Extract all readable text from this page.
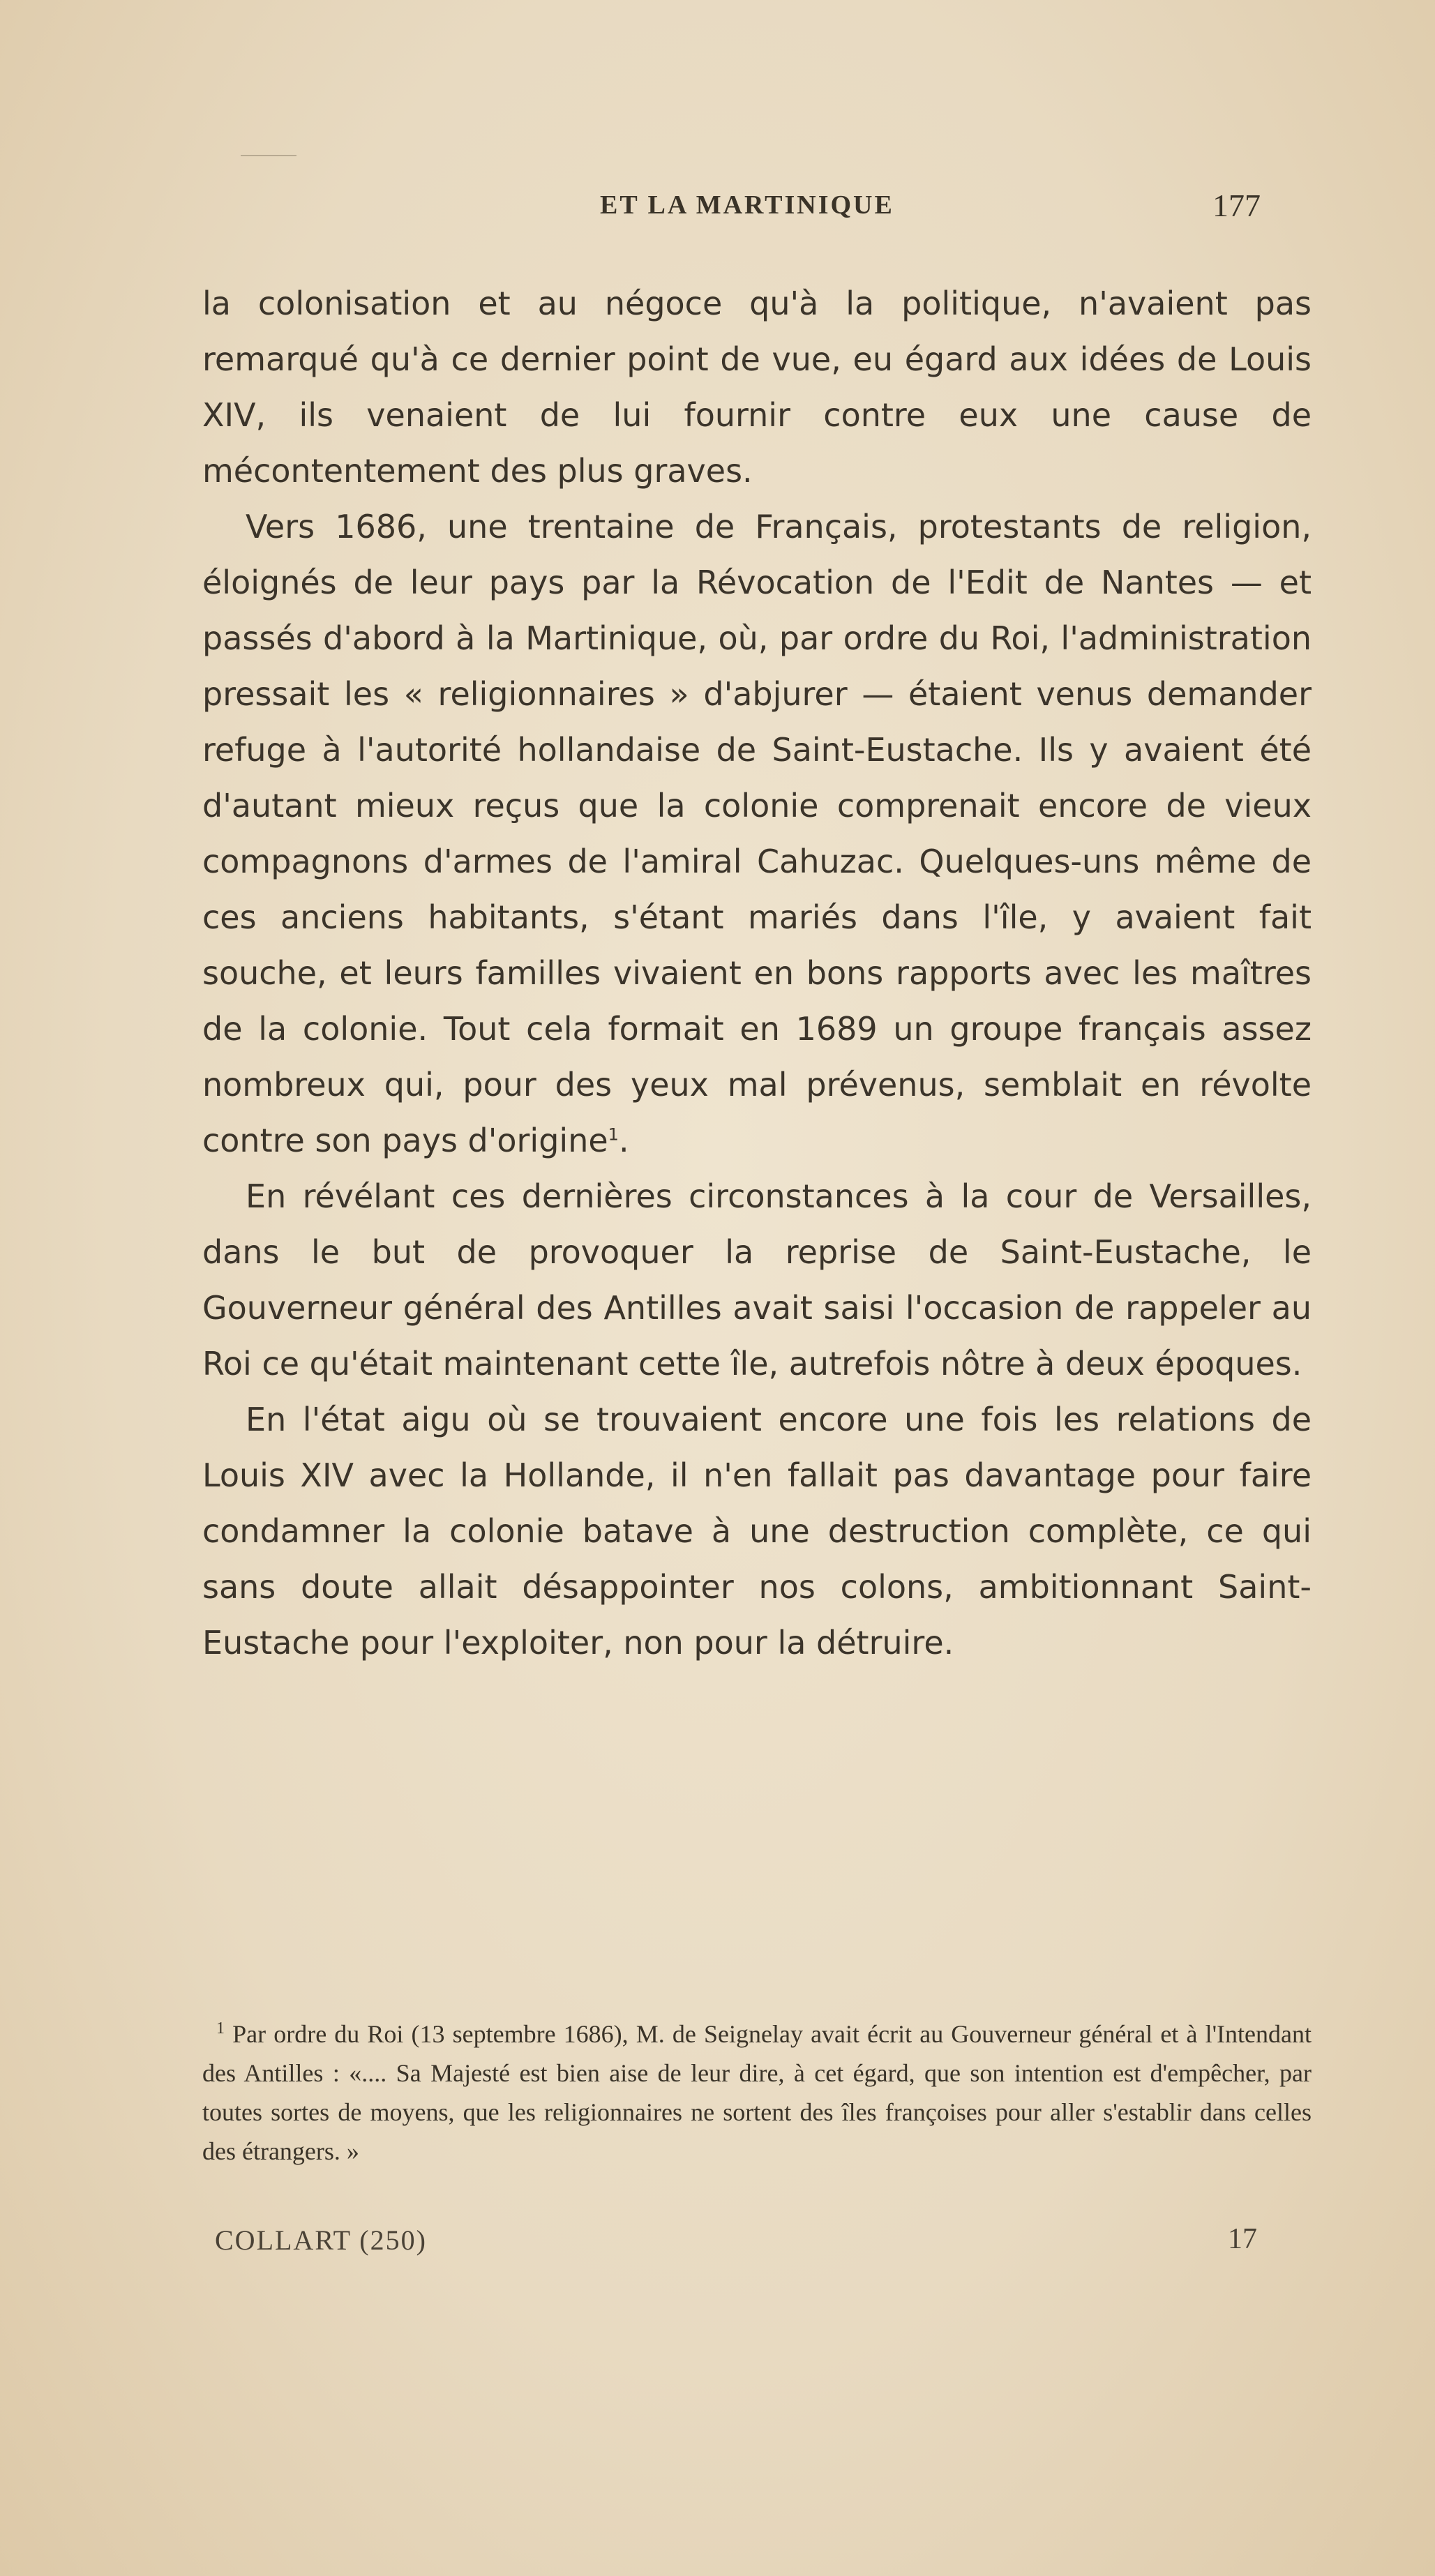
ET LA MARTINIQUE	177

la colonisation et au négoce qu'à la politique, n'avaient pas remarqué qu'à ce dernier point de vue, eu égard aux idées de Louis XIV, ils venaient de lui fournir contre eux une cause de mécontentement des plus graves.

Vers 1686, une trentaine de Français, protestants de religion, éloignés de leur pays par la Révocation de l'Edit de Nantes — et passés d'abord à la Martinique, où, par ordre du Roi, l'administration pressait les « religionnaires » d'abjurer — étaient venus demander refuge à l'autorité hollandaise de Saint-Eustache. Ils y avaient été d'autant mieux reçus que la colonie comprenait encore de vieux compagnons d'armes de l'amiral Cahuzac. Quelques-uns même de ces anciens habitants, s'étant mariés dans l'île, y avaient fait souche, et leurs familles vivaient en bons rapports avec les maîtres de la colonie. Tout cela formait en 1689 un groupe français assez nombreux qui, pour des yeux mal prévenus, semblait en révolte contre son pays d'origine$^1$.

En révélant ces dernières circonstances à la cour de Versailles, dans le but de provoquer la reprise de Saint-Eustache, le Gouverneur général des Antilles avait saisi l'occasion de rappeler au Roi ce qu'était maintenant cette île, autrefois nôtre à deux époques.

En l'état aigu où se trouvaient encore une fois les relations de Louis XIV avec la Hollande, il n'en fallait pas davantage pour faire condamner la colonie batave à une destruction complète, ce qui sans doute allait désappointer nos colons, ambitionnant Saint-Eustache pour l'exploiter, non pour la détruire.

$^1$ Par ordre du Roi (13 septembre 1686), M. de Seignelay avait écrit au Gouverneur général et à l'Intendant des Antilles : «.... Sa Majesté est bien aise de leur dire, à cet égard, que son intention est d'empêcher, par toutes sortes de moyens, que les religionnaires ne sortent des îles françoises pour aller s'establir dans celles des étrangers. »
COLLART (250)	17
